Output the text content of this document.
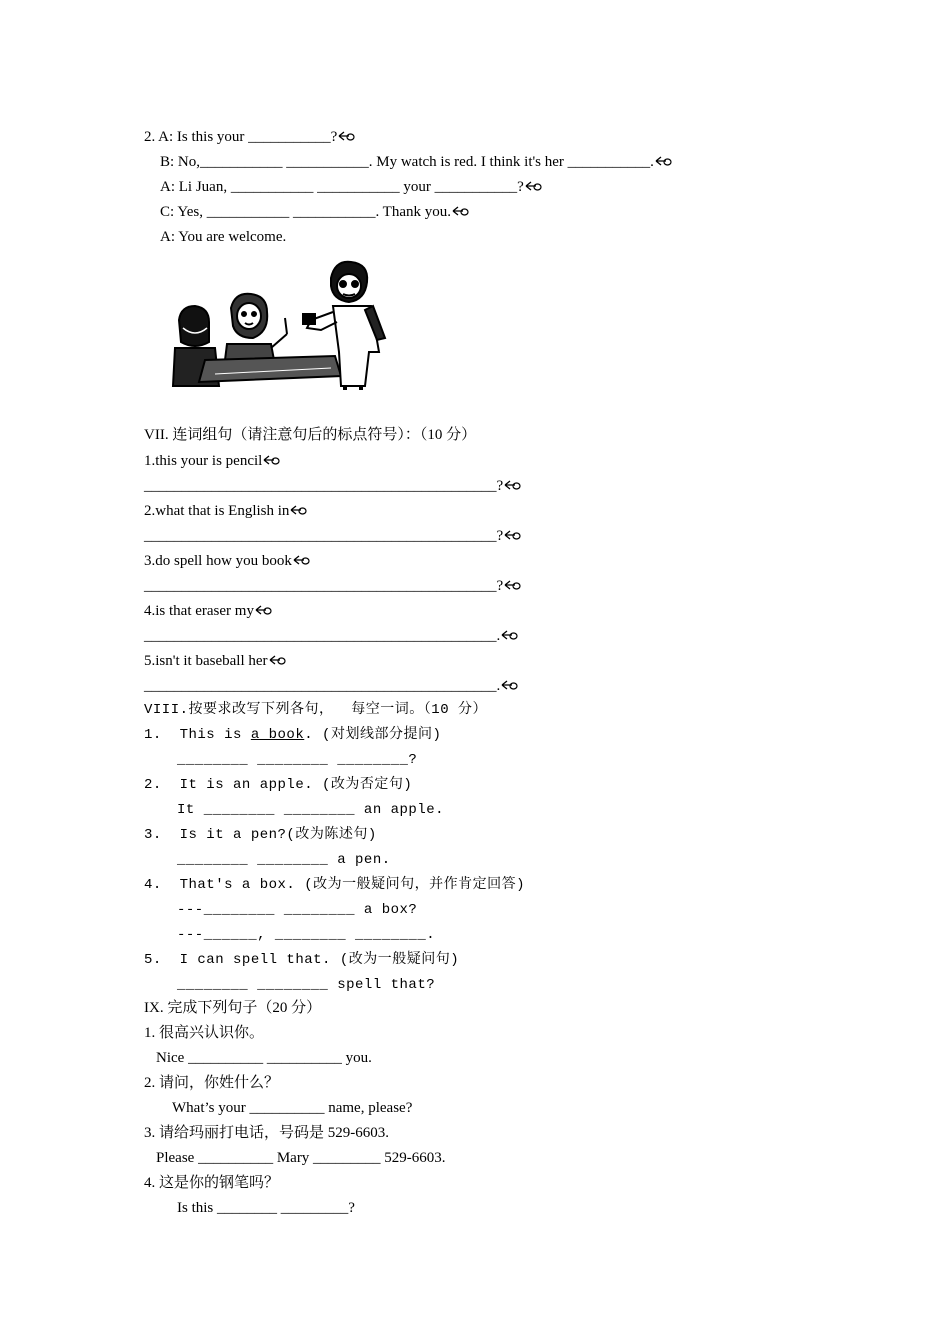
2. A: Is this your ___________?
B: No,___________ ___________. My watch is red. I think it's her ___________.
A: Li Juan, ___________ ___________ your ___________?
C: Yes, ___________ ___________. Thank you.
A: You are welcome.
VII. 连词组句（请注意句后的标点符号）：（10 分）
1.this your is pencil
_______________________________________________?
2.what that is English in
_______________________________________________?
3.do spell how you book
_______________________________________________?
4.is that eraser my
_______________________________________________.
5.isn't it baseball her
_______________________________________________.
VIII.按要求改写下列各句，  每空一词。（10 分）
1.  This is a book. (对划线部分提问)
________ ________ ________?
2.  It is an apple. (改为否定句)
It ________ ________ an apple.
3.  Is it a pen?(改为陈述句)
________ ________ a pen.
4.  That's a box. (改为一般疑问句，并作肯定回答)
---________ ________ a box?
---______, ________ ________.
5.  I can spell that. (改为一般疑问句)
________ ________ spell that?
IX. 完成下列句子（20 分）
1. 很高兴认识你。
Nice __________ __________ you.
2. 请问，你姓什么？
What’s your __________ name, please?
3. 请给玛丽打电话，号码是 529-6603.
Please __________ Mary _________ 529-6603.
4. 这是你的钢笔吗？
Is this ________ _________?
